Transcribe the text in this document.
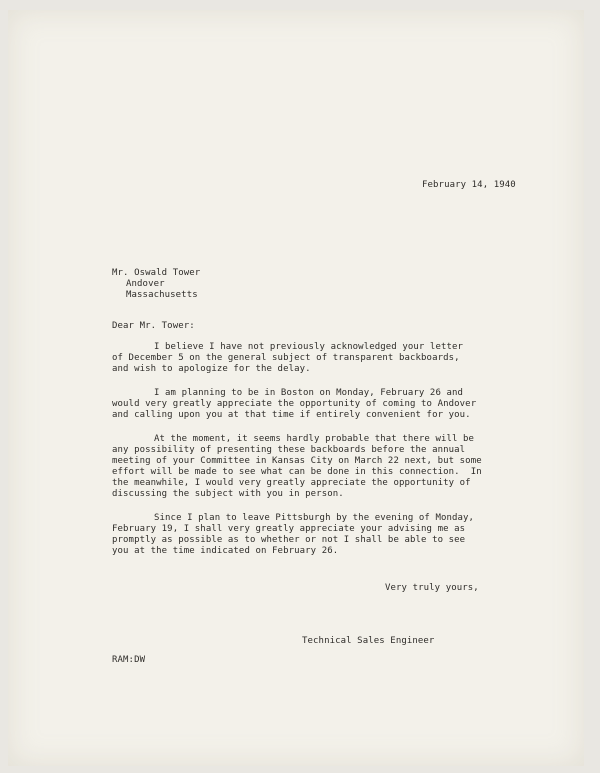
February 14, 1940
Mr. Oswald Tower
Andover
Massachusetts
Dear Mr. Tower:
I believe I have not previously acknowledged your letter
of December 5 on the general subject of transparent backboards,
and wish to apologize for the delay.
I am planning to be in Boston on Monday, February 26 and
would very greatly appreciate the opportunity of coming to Andover
and calling upon you at that time if entirely convenient for you.
At the moment, it seems hardly probable that there will be
any possibility of presenting these backboards before the annual
meeting of your Committee in Kansas City on March 22 next, but some
effort will be made to see what can be done in this connection.  In
the meanwhile, I would very greatly appreciate the opportunity of
discussing the subject with you in person.
Since I plan to leave Pittsburgh by the evening of Monday,
February 19, I shall very greatly appreciate your advising me as
promptly as possible as to whether or not I shall be able to see
you at the time indicated on February 26.
Very truly yours,
Technical Sales Engineer
RAM:DW
